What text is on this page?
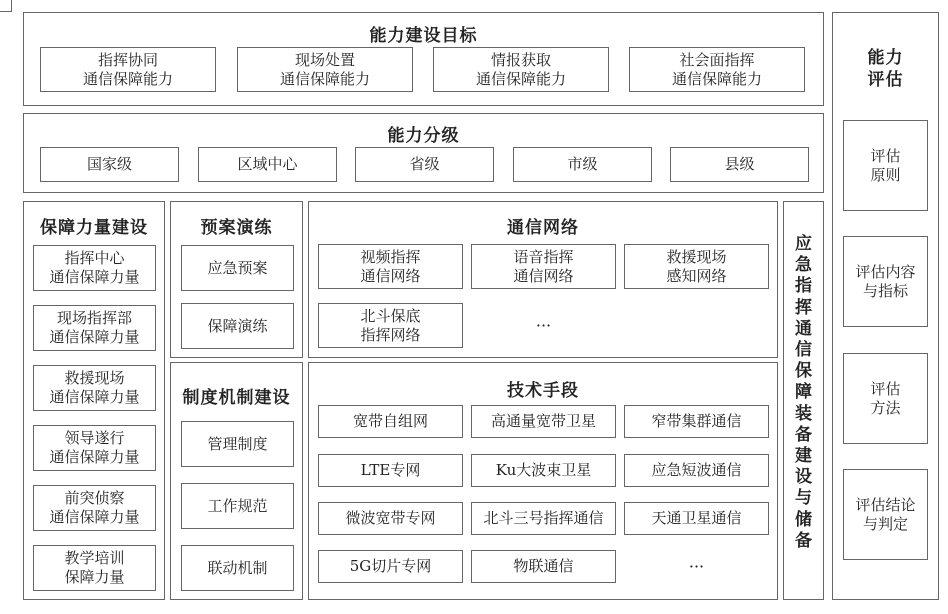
能力建设目标
指挥协同
通信保障能力
现场处置
通信保障能力
情报获取
通信保障能力
社会面指挥
通信保障能力
能力分级
国家级	区域中心	省级	市级	县级
保障力量建设
指挥中心
通信保障力量
现场指挥部
通信保障力量
救援现场
通信保障力量
领导遂行
通信保障力量
前突侦察
通信保障力量
教学培训
保障力量
预案演练
应急预案
保障演练
制度机制建设
管理制度
工作规范
联动机制
通信网络
视频指挥
通信网络
语音指挥
通信网络
救援现场
感知网络
北斗保底
指挥网络	···
技术手段
宽带自组网	高通量宽带卫星	窄带集群通信
LTE专网	Ku大波束卫星	应急短波通信
微波宽带专网	北斗三号指挥通信	天通卫星通信
5G切片专网	物联通信	···
应急指挥通信保障装备建设与储备
能力
评估
评估
原则
评估内容
与指标
评估
方法
评估结论
与判定
